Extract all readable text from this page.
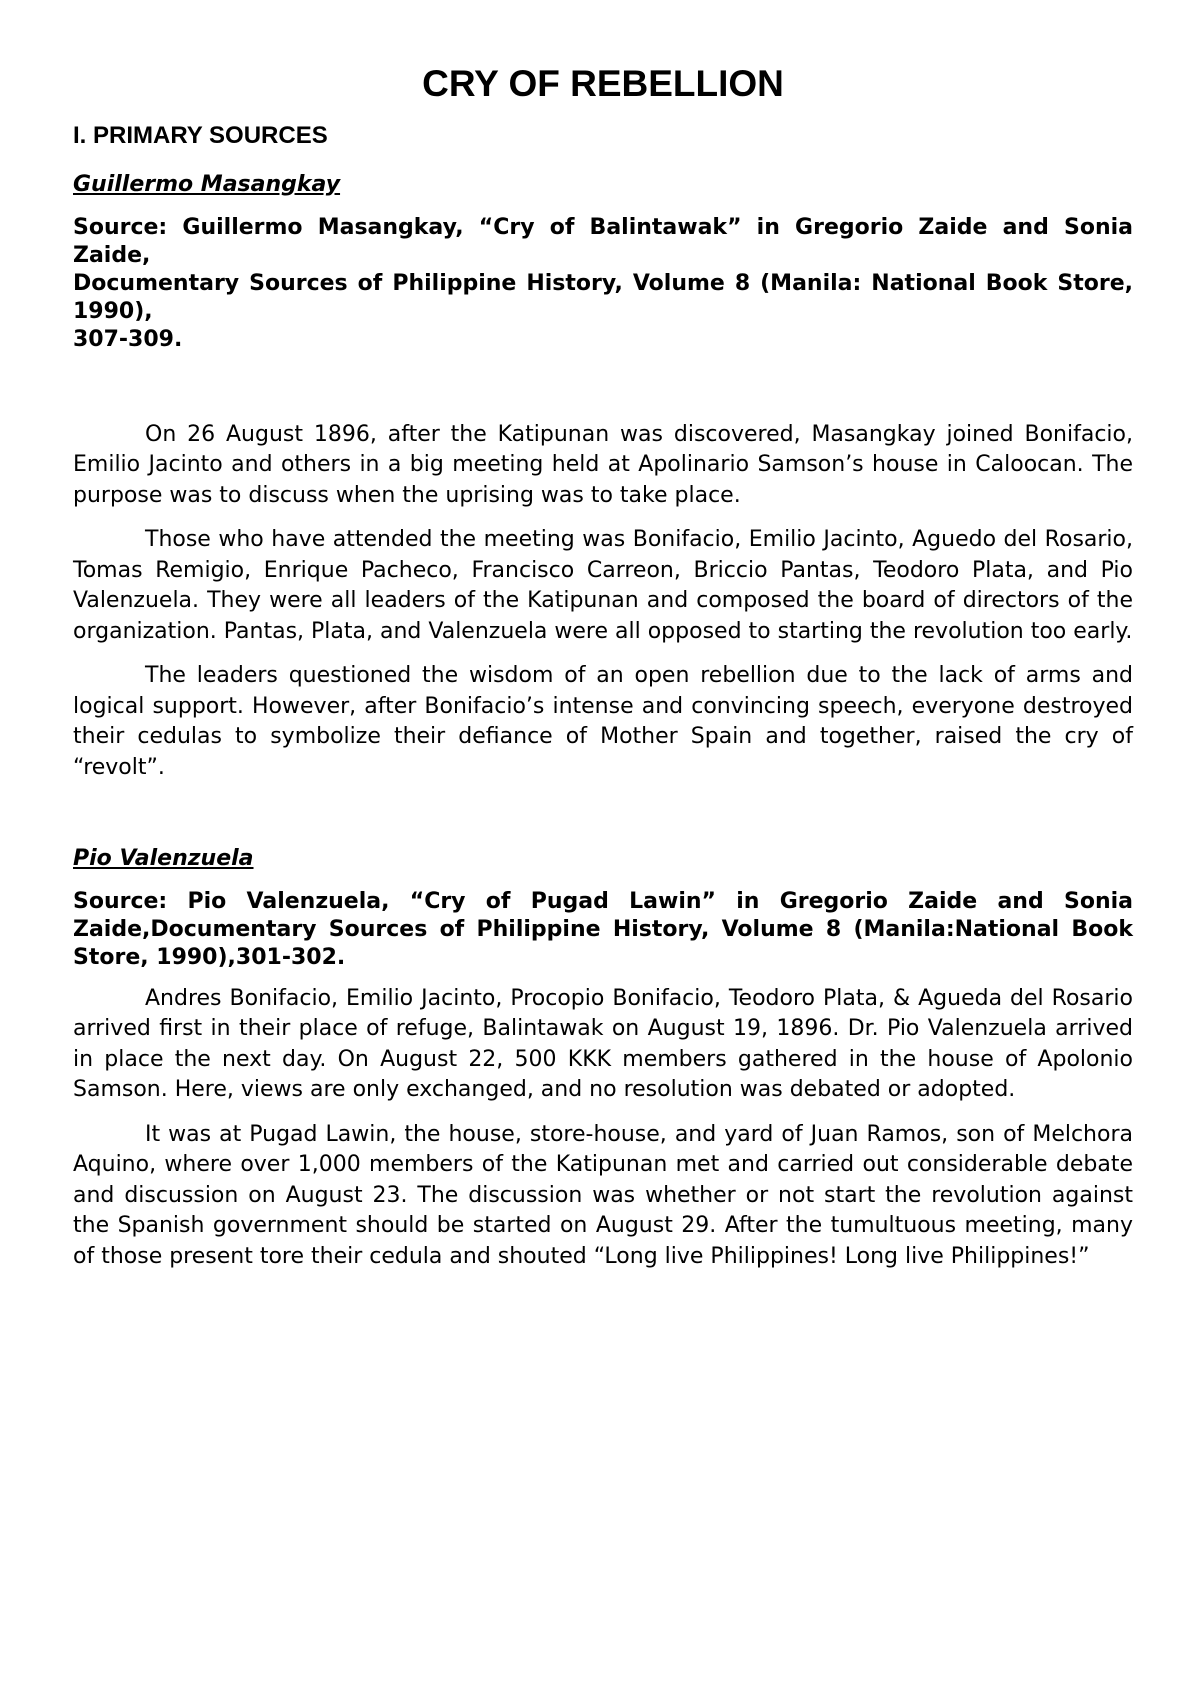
CRY OF REBELLION
I. PRIMARY SOURCES
Guillermo Masangkay

Source: Guillermo Masangkay, “Cry of Balintawak” in Gregorio Zaide and Sonia Zaide,
Documentary Sources of Philippine History, Volume 8 (Manila: National Book Store, 1990),
307-309.

On 26 August 1896, after the Katipunan was discovered, Masangkay joined Bonifacio, Emilio Jacinto and others in a big meeting held at Apolinario Samson’s house in Caloocan. The purpose was to discuss when the uprising was to take place.

Those who have attended the meeting was Bonifacio, Emilio Jacinto, Aguedo del Rosario, Tomas Remigio, Enrique Pacheco, Francisco Carreon, Briccio Pantas, Teodoro Plata, and Pio Valenzuela. They were all leaders of the Katipunan and composed the board of directors of the organization. Pantas, Plata, and Valenzuela were all opposed to starting the revolution too early.

The leaders questioned the wisdom of an open rebellion due to the lack of arms and logical support. However, after Bonifacio’s intense and convincing speech, everyone destroyed their cedulas to symbolize their defiance of Mother Spain and together, raised the cry of “revolt”.

Pio Valenzuela

Source: Pio Valenzuela, “Cry of Pugad Lawin” in Gregorio Zaide and Sonia Zaide,Documentary Sources of Philippine History, Volume 8 (Manila:National Book Store, 1990),301-302.

Andres Bonifacio, Emilio Jacinto, Procopio Bonifacio, Teodoro Plata, & Agueda del Rosario arrived first in their place of refuge, Balintawak on August 19, 1896. Dr. Pio Valenzuela arrived in place the next day. On August 22, 500 KKK members gathered in the house of Apolonio Samson. Here, views are only exchanged, and no resolution was debated or adopted.

It was at Pugad Lawin, the house, store-house, and yard of Juan Ramos, son of Melchora Aquino, where over 1,000 members of the Katipunan met and carried out considerable debate and discussion on August 23. The discussion was whether or not start the revolution against the Spanish government should be started on August 29. After the tumultuous meeting, many of those present tore their cedula and shouted “Long live Philippines! Long live Philippines!”
